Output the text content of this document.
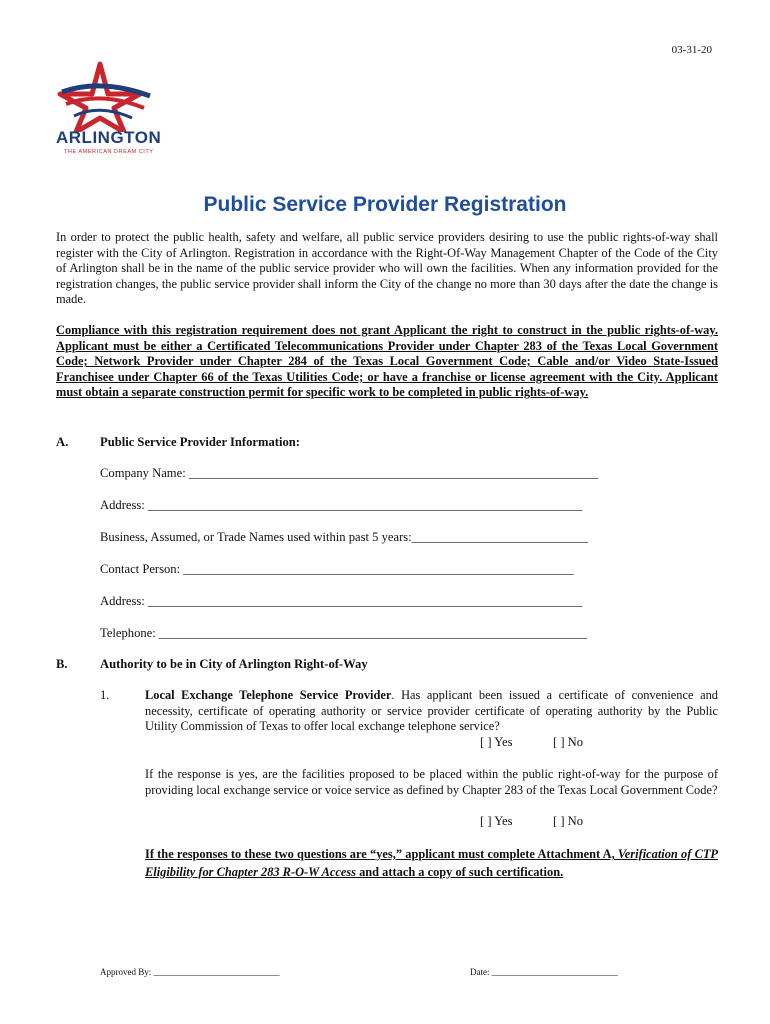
03-31-20
ARLINGTON
THE AMERICAN DREAM CITY
Public Service Provider Registration
In order to protect the public health, safety and welfare, all public service providers desiring to use the public rights-of-way shall register with the City of Arlington. Registration in accordance with the Right-Of-Way Management Chapter of the Code of the City of Arlington shall be in the name of the public service provider who will own the facilities. When any information provided for the registration changes, the public service provider shall inform the City of the change no more than 30 days after the date the change is made.
Compliance with this registration requirement does not grant Applicant the right to construct in the public rights-of-way. Applicant must be either a Certificated Telecommunications Provider under Chapter 283 of the Texas Local Government Code; Network Provider under Chapter 284 of the Texas Local Government Code; Cable and/or Video State-Issued Franchisee under Chapter 66 of the Texas Utilities Code; or have a franchise or license agreement with the City. Applicant must obtain a separate construction permit for specific work to be completed in public rights-of-way.
A.	Public Service Provider Information:
Company Name: _________________________________________________________________
Address: _____________________________________________________________________
Business, Assumed, or Trade Names used within past 5 years:____________________________
Contact Person: ______________________________________________________________
Address: _____________________________________________________________________
Telephone: ____________________________________________________________________
B.	Authority to be in City of Arlington Right-of-Way
1.	Local Exchange Telephone Service Provider. Has applicant been issued a certificate of convenience and necessity, certificate of operating authority or service provider certificate of operating authority by the Public Utility Commission of Texas to offer local exchange telephone service?
[ ] Yes	[ ] No
If the response is yes, are the facilities proposed to be placed within the public right-of-way for the purpose of providing local exchange service or voice service as defined by Chapter 283 of the Texas Local Government Code?
[ ] Yes	[ ] No
If the responses to these two questions are “yes,” applicant must complete Attachment A, Verification of CTP Eligibility for Chapter 283 R-O-W Access and attach a copy of such certification.
Approved By: ____________________________	Date: ____________________________
